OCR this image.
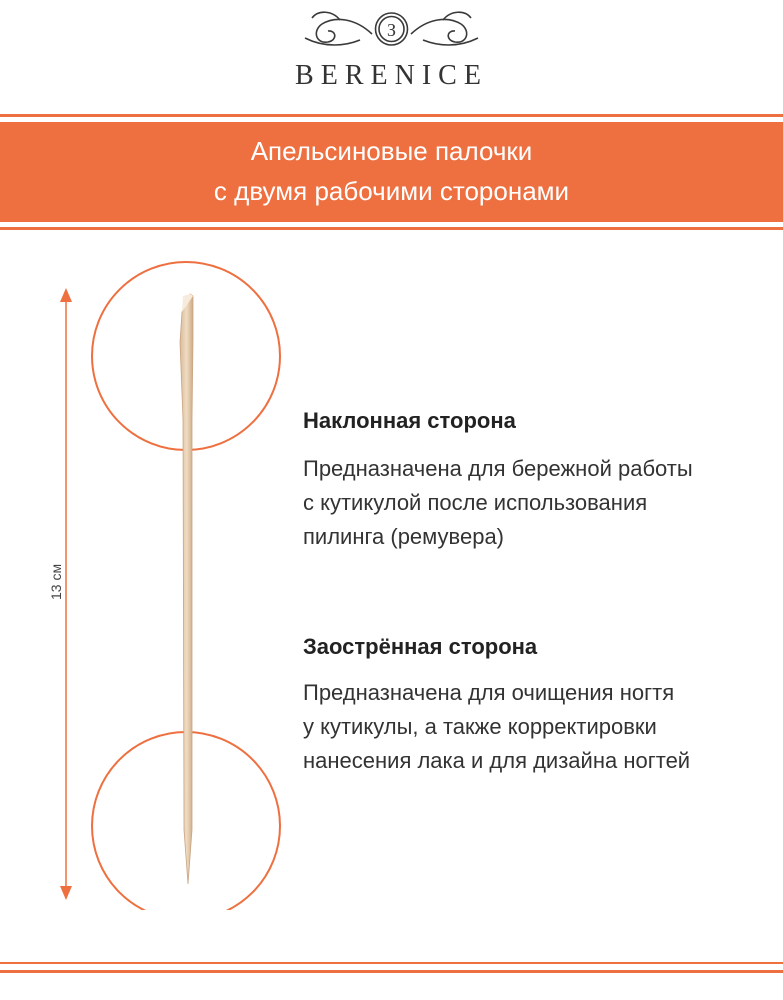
З
BERENICE
Апельсиновые палочки
с двумя рабочими сторонами
13 см
Наклонная сторона

Предназначена для бережной работы

с кутикулой после использования

пилинга (ремувера)

Заострённая сторона

Предназначена для очищения ногтя

у кутикулы, а также корректировки

нанесения лака и для дизайна ногтей
